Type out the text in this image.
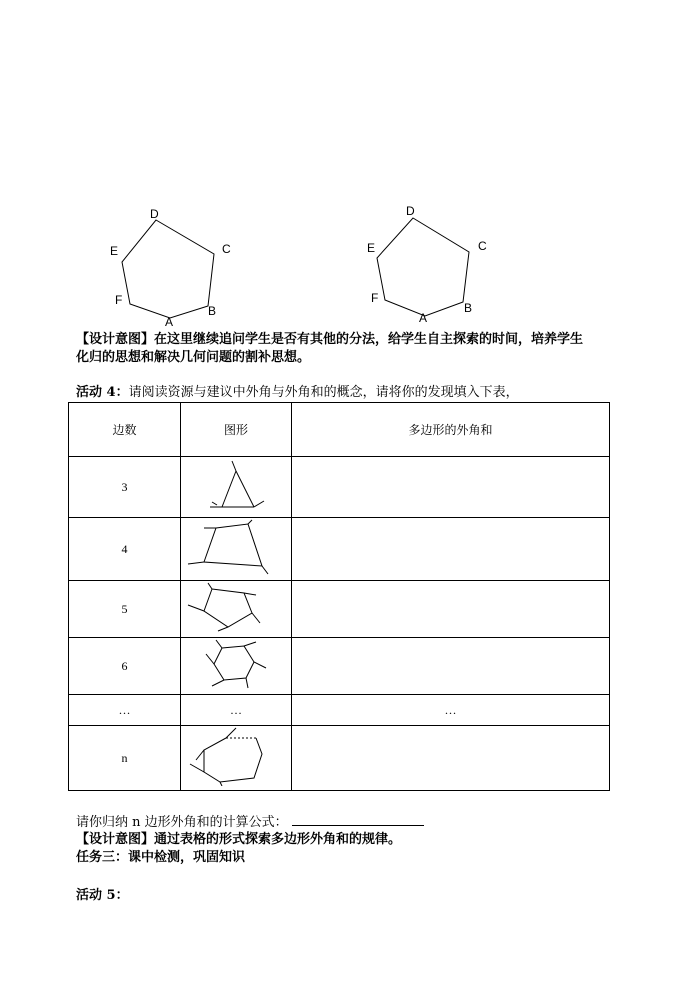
D
C
E
F
A
B
D
C
E
F
A
B
【设计意图】在这里继续追问学生是否有其他的分法，给学生自主探索的时间，培养学生
化归的思想和解决几何问题的割补思想。
活动 4：请阅读资源与建议中外角与外角和的概念，请将你的发现填入下表，
边数	图形	多边形的外角和
3		
4		
5		
6		
…	…	…
n		
请你归纳 n 边形外角和的计算公式：
【设计意图】通过表格的形式探索多边形外角和的规律。
任务三：课中检测，巩固知识
活动 5：
